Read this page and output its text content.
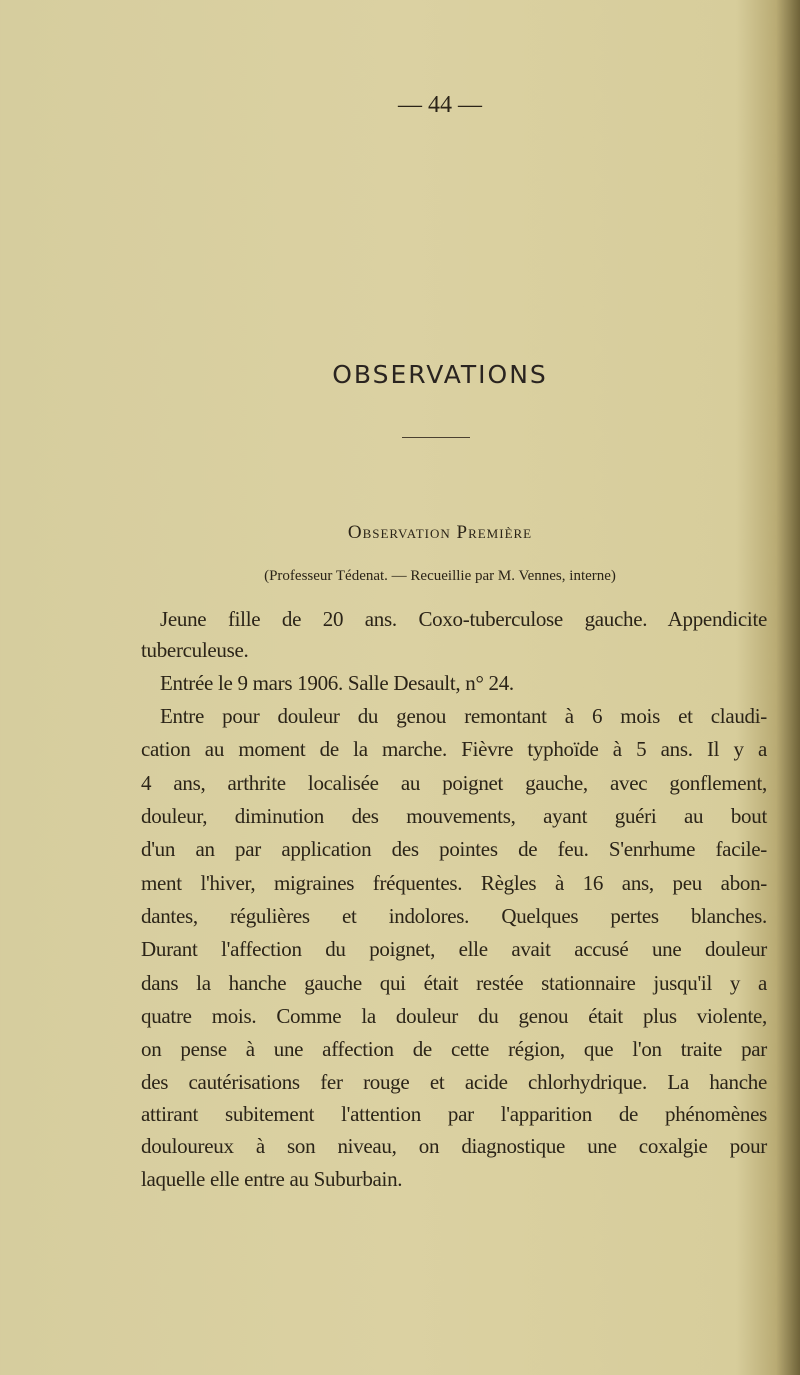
— 44 —
OBSERVATIONS
Observation Première
(Professeur Tédenat. — Recueillie par M. Vennes, interne)
Jeune fille de 20 ans. Coxo-tuberculose gauche. Appendicite
tuberculeuse.
Entrée le 9 mars 1906. Salle Desault, n° 24.
Entre pour douleur du genou remontant à 6 mois et claudi-
cation au moment de la marche. Fièvre typhoïde à 5 ans. Il y a
4 ans, arthrite localisée au poignet gauche, avec gonflement,
douleur, diminution des mouvements, ayant guéri au bout
d'un an par application des pointes de feu. S'enrhume facile-
ment l'hiver, migraines fréquentes. Règles à 16 ans, peu abon-
dantes, régulières et indolores. Quelques pertes blanches.
Durant l'affection du poignet, elle avait accusé une douleur
dans la hanche gauche qui était restée stationnaire jusqu'il y a
quatre mois. Comme la douleur du genou était plus violente,
on pense à une affection de cette région, que l'on traite par
des cautérisations fer rouge et acide chlorhydrique. La hanche
attirant subitement l'attention par l'apparition de phénomènes
douloureux à son niveau, on diagnostique une coxalgie pour
laquelle elle entre au Suburbain.
